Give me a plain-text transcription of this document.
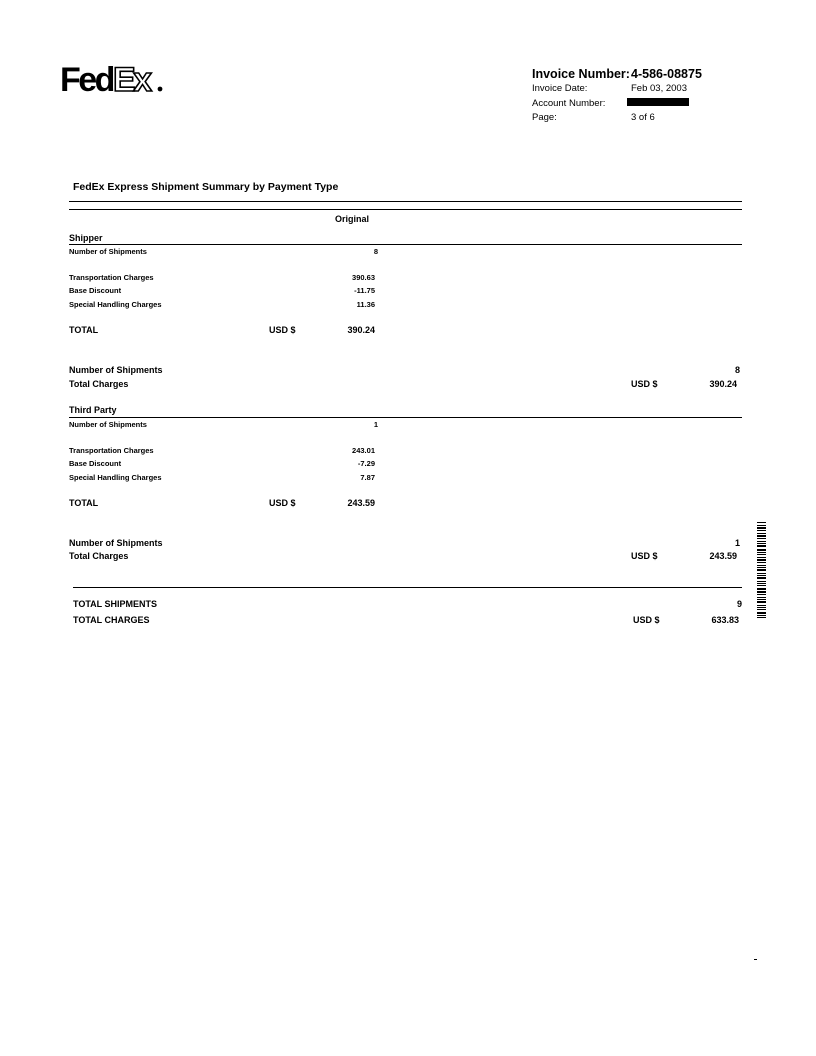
Fed Ex	Invoice Number: 4-586-08875
Invoice Date:	Feb 03, 2003
Account Number:
Page:	3 of 6
FedEx Express Shipment Summary by Payment Type
Original
Shipper
Number of Shipments	8
Transportation Charges	390.63
Base Discount	-11.75
Special Handling Charges	11.36
TOTAL	USD $	390.24
Number of Shipments	8
Total Charges	USD $	390.24
Third Party
Number of Shipments	1
Transportation Charges	243.01
Base Discount	-7.29
Special Handling Charges	7.87
TOTAL	USD $	243.59
Number of Shipments	1
Total Charges	USD $	243.59
TOTAL SHIPMENTS	9
TOTAL CHARGES	USD $	633.83
